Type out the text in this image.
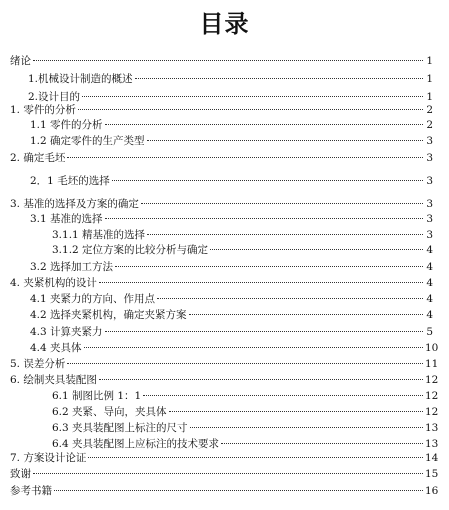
目录
绪论	1
1.机械设计制造的概述	1
2.设计目的	1
1. 零件的分析	2
1.1 零件的分析	2
1.2 确定零件的生产类型	3
2. 确定毛坯	3
2．1 毛坯的选择	3
3. 基准的选择及方案的确定	3
3.1 基准的选择	3
3.1.1 精基准的选择	3
3.1.2 定位方案的比较分析与确定	4
3.2 选择加工方法	4
4. 夹紧机构的设计	4
4.1 夹紧力的方向、作用点	4
4.2 选择夹紧机构，确定夹紧方案	4
4.3 计算夹紧力	5
4.4 夹具体	10
5. 误差分析	11
6. 绘制夹具装配图	12
6.1 制图比例 1：1	12
6.2 夹紧、导向，夹具体	12
6.3 夹具装配图上标注的尺寸	13
6.4 夹具装配图上应标注的技术要求	13
7. 方案设计论证	14
致谢	15
参考书籍	16
